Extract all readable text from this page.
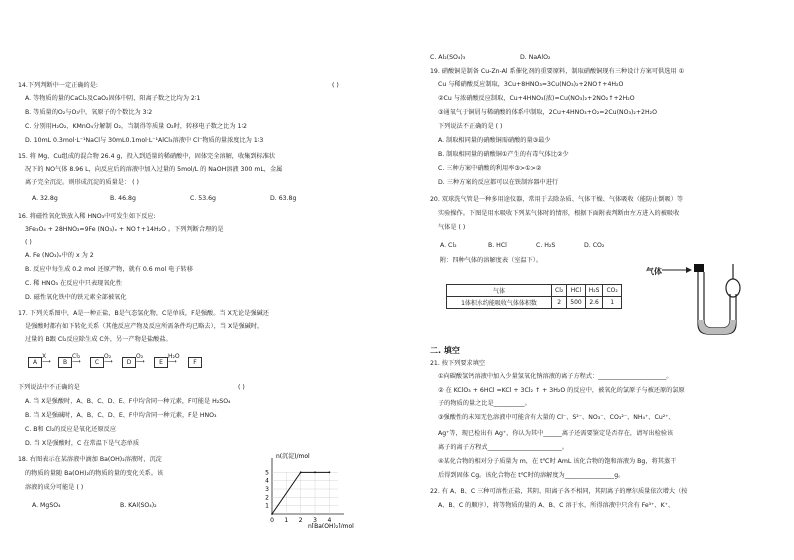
14.下列判断中一定正确的是:	( )
A. 等物质的量的CaCl₂及CaO₂固体中阴、阳离子数之比均为 2∶1
B. 等质量的O₂与O₃中，氧原子的个数比为 3∶2
C. 分别用H₂O₂、KMnO₄分解制 O₂，当制得等质量 O₂时，转移电子数之比为 1∶2
D. 10mL 0.3mol·L⁻¹NaCl与 30mL0.1mol·L⁻¹AlCl₃溶液中 Cl⁻物质的量浓度比为 1∶3
15. 将 Mg、Cu组成的混合物 26.4 g，投入到适量的稀硝酸中，固体完全溶解，收集到标准状
况下的 NO气体 8.96 L，向反应后的溶液中加入过量的 5mol/L 的 NaOH溶液 300 mL，金属
离子完全沉淀。则形成沉淀的质量是： ( )
A. 32.8g	B. 46.8g	C. 53.6g	D. 63.8g
16. 将磁性氧化铁放入稀 HNO₃中可发生如下反应:
3Fe₃O₄ + 28HNO₃=9Fe (NO₃)ₓ + NO↑+14H₂O 。下列判断合理的是
( )
A. Fe (NO₃)ₓ中的 x 为 2
B. 反应中每生成 0.2 mol 还原产物，就有 0.6 mol 电子转移
C. 稀 HNO₃ 在反应中只表现氧化性
D. 磁性氧化铁中的铁元素全部被氧化
17. 下列关系图中，A是一种正盐，B是气态氢化物，C是单质，F是强酸。当 X无论是强碱还
是强酸时都有如下转化关系（其他反应产物及反应所需条件均已略去），当 X是强碱时，
过量的 B跟 Cl₂反应除生成 C外，另一产物是盐酸盐。
A
X
⟶	B
Cl₂
⟶	C
O₂
⟶	D
O₂
⟶	E
H₂O
⟶	F
下列说法中不正确的是	( )
A. 当 X是强酸时，A、B、C、D、E、F中均含同一种元素，F可能是 H₂SO₄
B. 当 X是强碱时，A、B、C、D、E、F中均含同一种元素，F是 HNO₃
C. B和 Cl₂的反应是氧化还原反应
D. 当 X是强酸时，C 在常温下是气态单质
18. 右图表示在某溶液中滴加 Ba(OH)₂溶液时，沉淀
的物质的量随 Ba(OH)₂的物质的量的变化关系。该
溶液的成分可能是 ( )
A. MgSO₄	B. KAl(SO₄)₂
0 1 2 3 4
1
2
3
4
5
n(沉淀)/mol
n[Ba(OH)₂]/mol
C. Al₂(SO₄)₃	D. NaAlO₂
19. 硝酸铜是制备 Cu-Zn-Al 系催化剂的重要原料，制取硝酸铜现有三种设计方案可供选用 ①
Cu 与稀硝酸反应制取，3Cu+8HNO₃=3Cu(NO₃)₂+2NO↑+4H₂O
②Cu 与浓硝酸反应制取，Cu+4HNO₃(浓)=Cu(NO₃)₂+2NO₂↑+2H₂O
③通氧气于铜屑与稀硝酸的体系中制取，2Cu+4HNO₃+O₂=2Cu(NO₃)₂+2H₂O
下列说法不正确的是 ( )
A. 制取相同量的硝酸铜需硝酸的量③最少
B. 制取相同量的硝酸铜①产生的有毒气体比②少
C. 三种方案中硝酸的利用率③>①>②
D. 三种方案的反应都可以在铁制容器中进行
20. 双球洗气管是一种多用途仪器，常用于去除杂质、气体干燥、气体吸收（能防止倒吸）等
实验操作。下图是用水吸收下列某气体时的情形，根据下面附表判断由左方进入的被吸收
气体是 ( )
A. Cl₂	B. HCl	C. H₂S	D. CO₂
附：四种气体的溶解度表（室温下）。
气体	Cl₂	HCl	H₂S	CO₂
1体积水约能吸收气体体积数	2	500	2.6	1
气体
二. 填空
21. 按下列要求填空
①向碳酸氢钙溶液中加入少量氢氧化钠溶液的离子方程式：______________________。
② 在 KClO₃ + 6HCl =KCl + 3Cl₂ ↑ + 3H₂O 的反应中，被氧化的氯原子与被还原的氯原
子的物质的量之比是__________。
③强酸性的未知无色溶液中可能含有大量的 Cl⁻、S²⁻、NO₃⁻、CO₃²⁻、NH₄⁺、Cu²⁺、
Ag⁺等，现已检出有 Ag⁺，你认为其中______离子还需要鉴定是否存在，请写出检验该
离子的离子方程式________________________。
④某化合物的相对分子质量为 m，在 t℃时 AmL 该化合物的饱和溶液为 Bg，将其蒸干
后得到固体 Cg。该化合物在 t℃时的溶解度为________________g。
22. 有 A、B、C 三种可溶性正盐，其阴、阳离子各不相同，其阴离子的摩尔质量依次增大（按
A、B、C 的顺序），将等物质的量的 A、B、C 溶于水，所得溶液中只含有 Fe³⁺、K⁺、
